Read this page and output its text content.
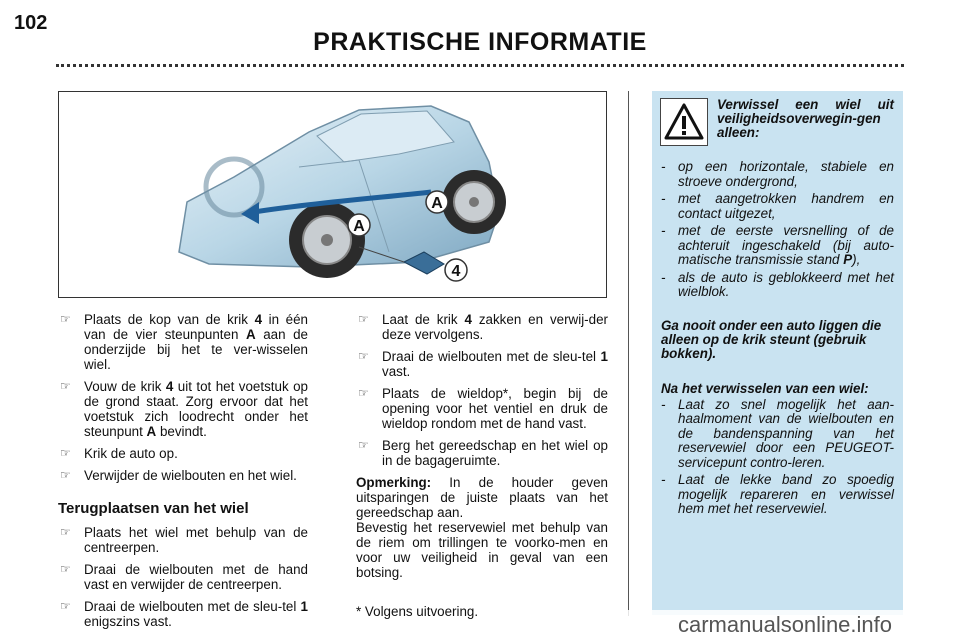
102
PRAKTISCHE INFORMATIE
A
A
4
☞ Plaats de kop van de krik 4 in één van de vier steunpunten A aan de onderzijde bij het te ver-wisselen wiel.
☞ Vouw de krik 4 uit tot het voetstuk op de grond staat. Zorg ervoor dat het voetstuk zich loodrecht onder het steunpunt A bevindt.
☞ Krik de auto op.
☞ Verwijder de wielbouten en het wiel.
Terugplaatsen van het wiel
☞ Plaats het wiel met behulp van de centreerpen.
☞ Draai de wielbouten met de hand vast en verwijder de centreerpen.
☞ Draai de wielbouten met de sleu-tel 1 enigszins vast.
☞ Laat de krik 4 zakken en verwij-der deze vervolgens.
☞ Draai de wielbouten met de sleu-tel 1 vast.
☞ Plaats de wieldop*, begin bij de opening voor het ventiel en druk de wieldop rondom met de hand vast.
☞ Berg het gereedschap en het wiel op in de bagageruimte.
Opmerking: In de houder geven uitsparingen de juiste plaats van het gereedschap aan.
Bevestig het reservewiel met behulp van de riem om trillingen te voorko-men en voor uw veiligheid in geval van een botsing.
* Volgens uitvoering.
Verwissel een wiel uit veiligheidsoverwegin-gen alleen:
- op een horizontale, stabiele en stroeve ondergrond,
- met aangetrokken handrem en contact uitgezet,
- met de eerste versnelling of de achteruit ingeschakeld (bij auto-matische transmissie stand P),
- als de auto is geblokkeerd met het wielblok.
Ga nooit onder een auto liggen die alleen op de krik steunt (gebruik bokken).
Na het verwisselen van een wiel:
- Laat zo snel mogelijk het aan-haalmoment van de wielbouten en de bandenspanning van het reservewiel door een PEUGEOT-servicepunt contro-leren.
- Laat de lekke band zo spoedig mogelijk repareren en verwissel hem met het reservewiel.
carmanualsonline.info
